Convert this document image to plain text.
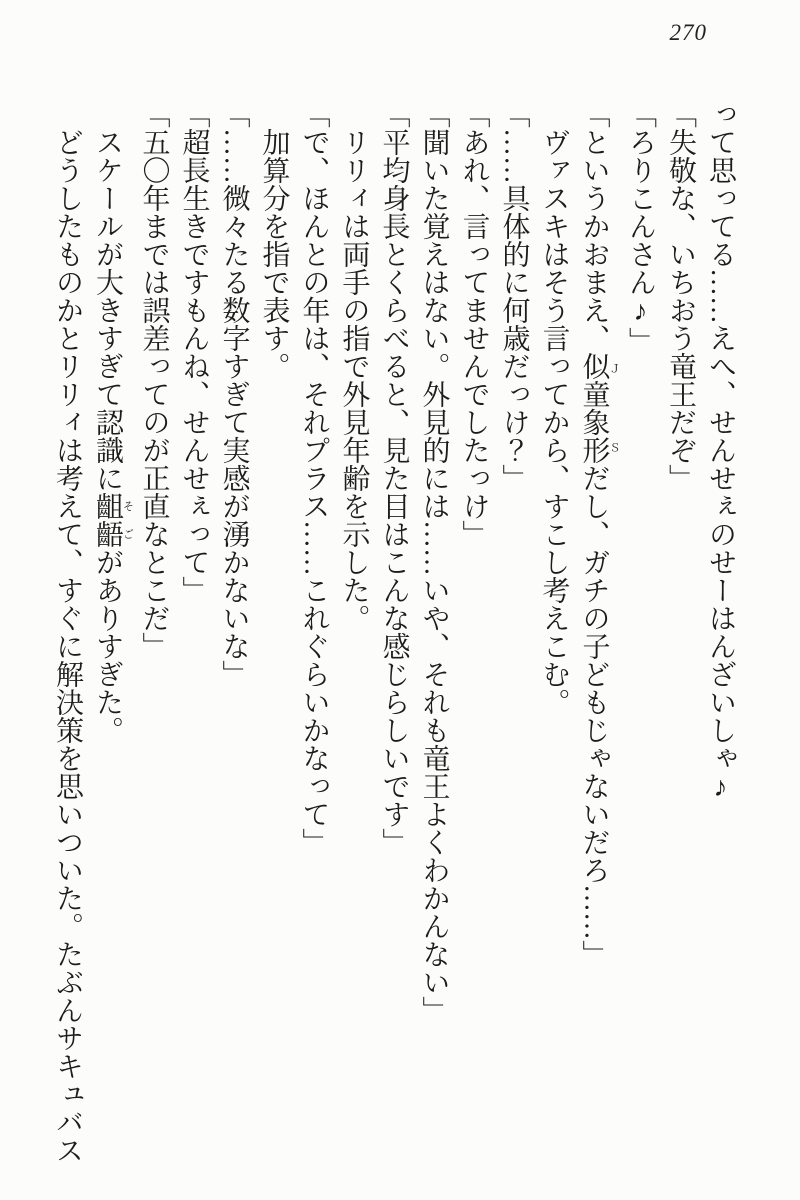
270

って思ってる……えへ、せんせぇのせーはんざいしゃ♪

「失敬な、いちおう竜王だぞ」

「ろりこんさん♪」

「というかおまえ、似童象形ＪＳだし、ガチの子どもじゃないだろ……」

ヴァスキはそう言ってから、すこし考えこむ。

「……具体的に何歳だっけ？」

「あれ、言ってませんでしたっけ」

「聞いた覚えはない。外見的には……いや、それも竜王よくわかんない」

「平均身長とくらべると、見た目はこんな感じらしいです」

リリィは両手の指で外見年齢を示した。

「で、ほんとの年は、それプラス……これぐらいかなって」

加算分を指で表す。

「……微々たる数字すぎて実感が湧かないな」

「超長生きですもんね、せんせぇって」

「五〇年までは誤差ってのが正直なとこだ」

スケールが大きすぎて認識に齟齬そごがありすぎた。

どうしたものかとリリィは考えて、すぐに解決策を思いついた。たぶんサキュバス
